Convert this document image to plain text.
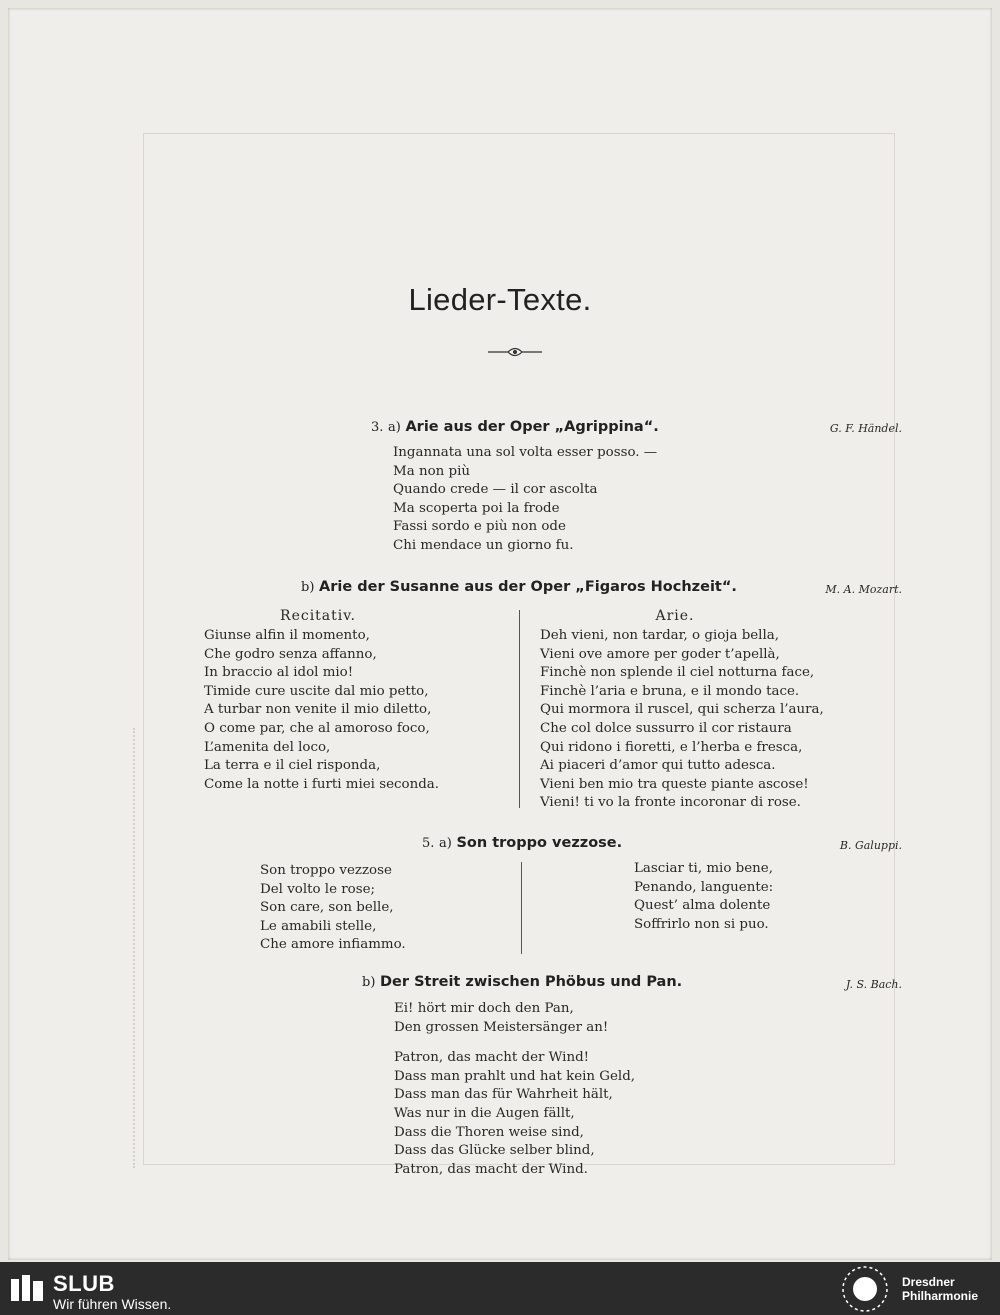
Lieder-Texte.
3. a) Arie aus der Oper „Agrippina“.	G. F. Händel.
Ingannata una sol volta esser posso. —
Ma non più
Quando crede — il cor ascolta
Ma scoperta poi la frode
Fassi sordo e più non ode
Chi mendace un giorno fu.
b) Arie der Susanne aus der Oper „Figaros Hochzeit“.	M. A. Mozart.
Recitativ.	Arie.
Giunse alfin il momento,
Che godro senza affanno,
In braccio al idol mio!
Timide cure uscite dal mio petto,
A turbar non venite il mio diletto,
O come par, che al amoroso foco,
L’amenita del loco,
La terra e il ciel risponda,
Come la notte i furti miei seconda.
Deh vieni, non tardar, o gioja bella,
Vieni ove amore per goder t’apellà,
Finchè non splende il ciel notturna face,
Finchè l’aria e bruna, e il mondo tace.
Qui mormora il ruscel, qui scherza l’aura,
Che col dolce sussurro il cor ristaura
Qui ridono i fioretti, e l’herba e fresca,
Ai piaceri d’amor qui tutto adesca.
Vieni ben mio tra queste piante ascose!
Vieni! ti vo la fronte incoronar di rose.
5. a) Son troppo vezzose.	B. Galuppi.
Son troppo vezzose
Del volto le rose;
Son care, son belle,
Le amabili stelle,
Che amore infiammo.
Lasciar ti, mio bene,
Penando, languente:
Quest’ alma dolente
Soffrirlo non si puo.
b) Der Streit zwischen Phöbus und Pan.	J. S. Bach.
Ei! hört mir doch den Pan,
Den grossen Meistersänger an!
Patron, das macht der Wind!
Dass man prahlt und hat kein Geld,
Dass man das für Wahrheit hält,
Was nur in die Augen fällt,
Dass die Thoren weise sind,
Dass das Glücke selber blind,
Patron, das macht der Wind.
SLUB
Wir führen Wissen.
Dresdner
Philharmonie
